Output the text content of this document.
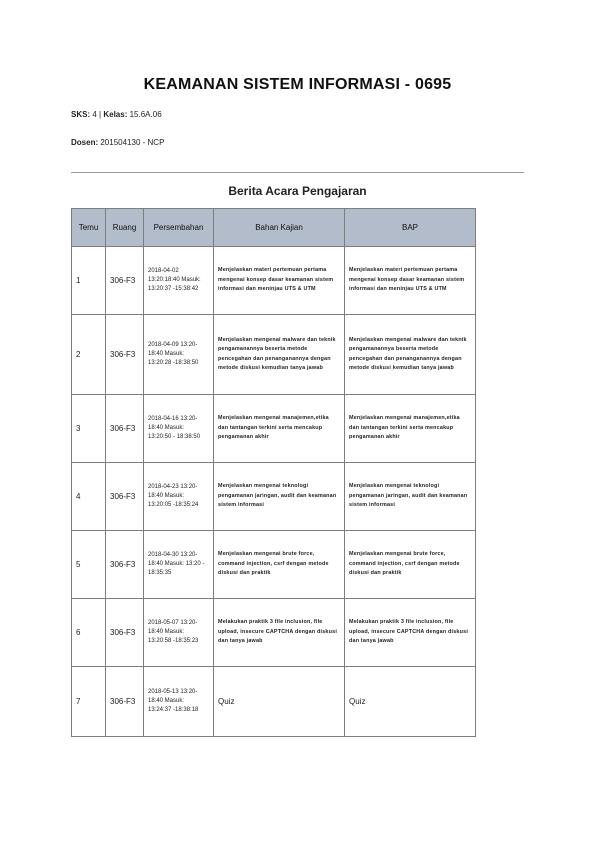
KEAMANAN SISTEM INFORMASI - 0695
SKS: 4 | Kelas: 15.6A.06
Dosen: 201504130 - NCP
Berita Acara Pengajaran
Temu	Ruang	Persembahan	Bahan Kajian	BAP
1	306-F3	2018-04-02 13:20:18:40 Masuk: 13:20:37 -15:38:42	Menjelaskan materi pertemuan pertama mengenai konsep dasar keamanan sistem informasi dan meninjau UTS & UTM	Menjelaskan materi pertemuan pertama mengenai konsep dasar keamanan sistem informasi dan meninjau UTS & UTM
2	306-F3	2018-04-09 13:20-18:40 Masuk: 13:20:28 -18:38:50	Menjelaskan mengenai malware dan teknik pengamanannya beserta metode pencegahan dan penanganannya dengan metode diskusi kemudian tanya jawab	Menjelaskan mengenai malware dan teknik pengamanannya beserta metode pencegahan dan penanganannya dengan metode diskusi kemudian tanya jawab
3	306-F3	2018-04-16 13:20-18:40 Masuk: 13:20:50 - 18:38:50	Menjelaskan mengenai manajemen,etika dan tantangan terkini serta mencakup pengamanan akhir	Menjelaskan mengenai manajemen,etika dan tantangan terkini serta mencakup pengamanan akhir
4	306-F3	2018-04-23 13:20-18:40 Masuk: 13:20:05 -18:35:24	Menjelaskan mengenai teknologi pengamanan jaringan, audit dan keamanan sistem informasi	Menjelaskan mengenai teknologi pengamanan jaringan, audit dan keamanan sistem informasi
5	306-F3	2018-04-30 13:20-18:40 Masuk: 13:20 - 18:35:35	Menjelaskan mengenai brute force, command injection, csrf dengan metode diskusi dan praktik	Menjelaskan mengenai brute force, command injection, csrf dengan metode diskusi dan praktik
6	306-F3	2018-05-07 13:20-18:40 Masuk: 13:20:58 -18:35:23	Melakukan praktik 3 file inclusion, file upload, insecure CAPTCHA dengan diskusi dan tanya jawab	Melakukan praktik 3 file inclusion, file upload, insecure CAPTCHA dengan diskusi dan tanya jawab
7	306-F3	2018-05-13 13:20-18:40 Masuk: 13:24:37 -18:38:18	Quiz	Quiz
